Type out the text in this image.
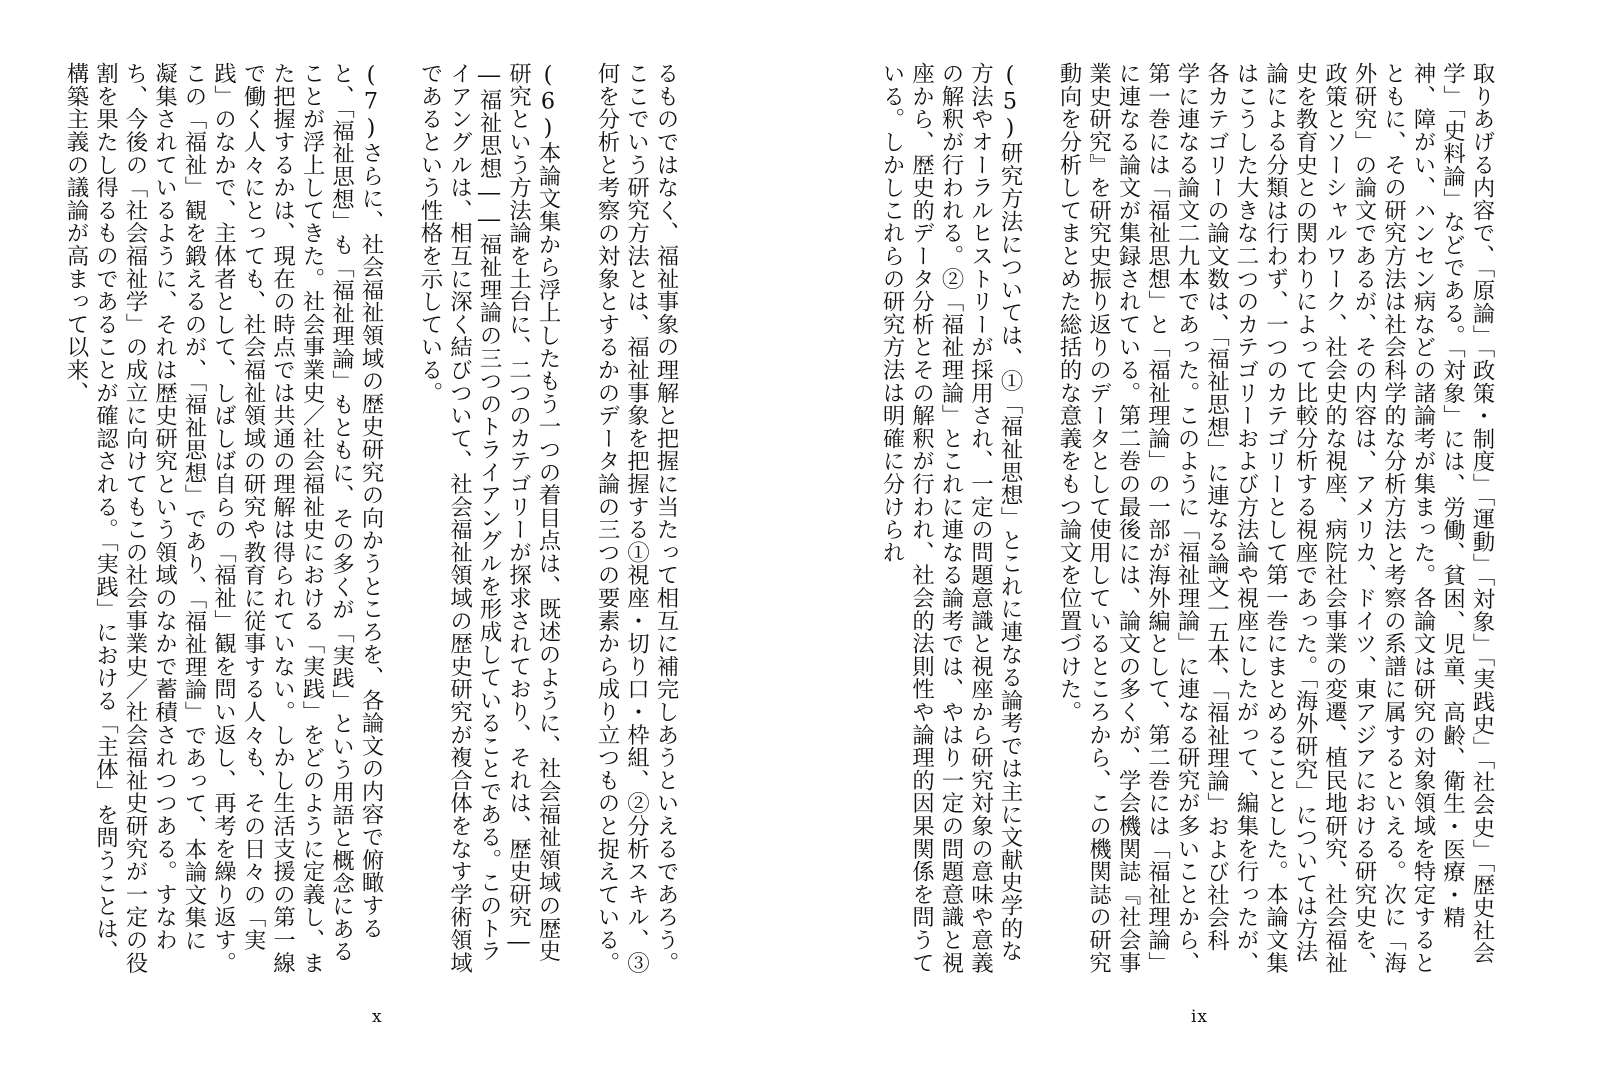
るものではなく、福祉事象の理解と把握に当たって相互に補完しあうといえるであろう。ここでいう研究方法とは、福祉事象を把握する①視座・切り口・枠組、②分析スキル、③何を分析と考察の対象とするかのデータ論の三つの要素から成り立つものと捉えている。
(6)本論文集から浮上したもう一つの着目点は、既述のように、社会福祉領域の歴史研究という方法論を土台に、二つのカテゴリーが探求されており、それは、歴史研究――福祉思想――福祉理論の三つのトライアングルを形成していることである。このトライアングルは、相互に深く結びついて、社会福祉領域の歴史研究が複合体をなす学術領域であるという性格を示している。
(7)さらに、社会福祉領域の歴史研究の向かうところを、各論文の内容で俯瞰すると、「福祉思想」も「福祉理論」もともに、その多くが「実践」という用語と概念にあることが浮上してきた。社会事業史／社会福祉史における「実践」をどのように定義し、また把握するかは、現在の時点では共通の理解は得られていない。しかし生活支援の第一線で働く人々にとっても、社会福祉領域の研究や教育に従事する人々も、その日々の「実践」のなかで、主体者として、しばしば自らの「福祉」観を問い返し、再考を繰り返す。この「福祉」観を鍛えるのが、「福祉思想」であり、「福祉理論」であって、本論文集に凝集されているように、それは歴史研究という領域のなかで蓄積されつつある。すなわち、今後の「社会福祉学」の成立に向けてもこの社会事業史／社会福祉史研究が一定の役割を果たし得るものであることが確認される。「実践」における「主体」を問うことは、構築主義の議論が高まって以来、
x
取りあげる内容で、「原論」「政策・制度」「運動」「対象」「実践史」「社会史」「歴史社会学」「史料論」などである。「対象」には、労働、貧困、児童、高齢、衛生・医療・精神、障がい、ハンセン病などの諸論考が集まった。各論文は研究の対象領域を特定するとともに、その研究方法は社会科学的な分析方法と考察の系譜に属するといえる。次に「海外研究」の論文であるが、その内容は、アメリカ、ドイツ、東アジアにおける研究史を、政策とソーシャルワーク、社会史的な視座、病院社会事業の変遷、植民地研究、社会福祉史を教育史との関わりによって比較分析する視座であった。「海外研究」については方法論による分類は行わず、一つのカテゴリーとして第一巻にまとめることとした。本論文集はこうした大きな二つのカテゴリーおよび方法論や視座にしたがって、編集を行ったが、各カテゴリーの論文数は、「福祉思想」に連なる論文一五本、「福祉理論」および社会科学に連なる論文二九本であった。このように「福祉理論」に連なる研究が多いことから、第一巻には「福祉思想」と「福祉理論」の一部が海外編として、第二巻には「福祉理論」に連なる論文が集録されている。第二巻の最後には、論文の多くが、学会機関誌『社会事業史研究』を研究史振り返りのデータとして使用しているところから、この機関誌の研究動向を分析してまとめた総括的な意義をもつ論文を位置づけた。
(5)研究方法については、①「福祉思想」とこれに連なる論考では主に文献史学的な方法やオーラルヒストリーが採用され、一定の問題意識と視座から研究対象の意味や意義の解釈が行われる。②「福祉理論」とこれに連なる論考では、やはり一定の問題意識と視座から、歴史的データ分析とその解釈が行われ、社会的法則性や論理的因果関係を問うている。しかしこれらの研究方法は明確に分けられ
ix
